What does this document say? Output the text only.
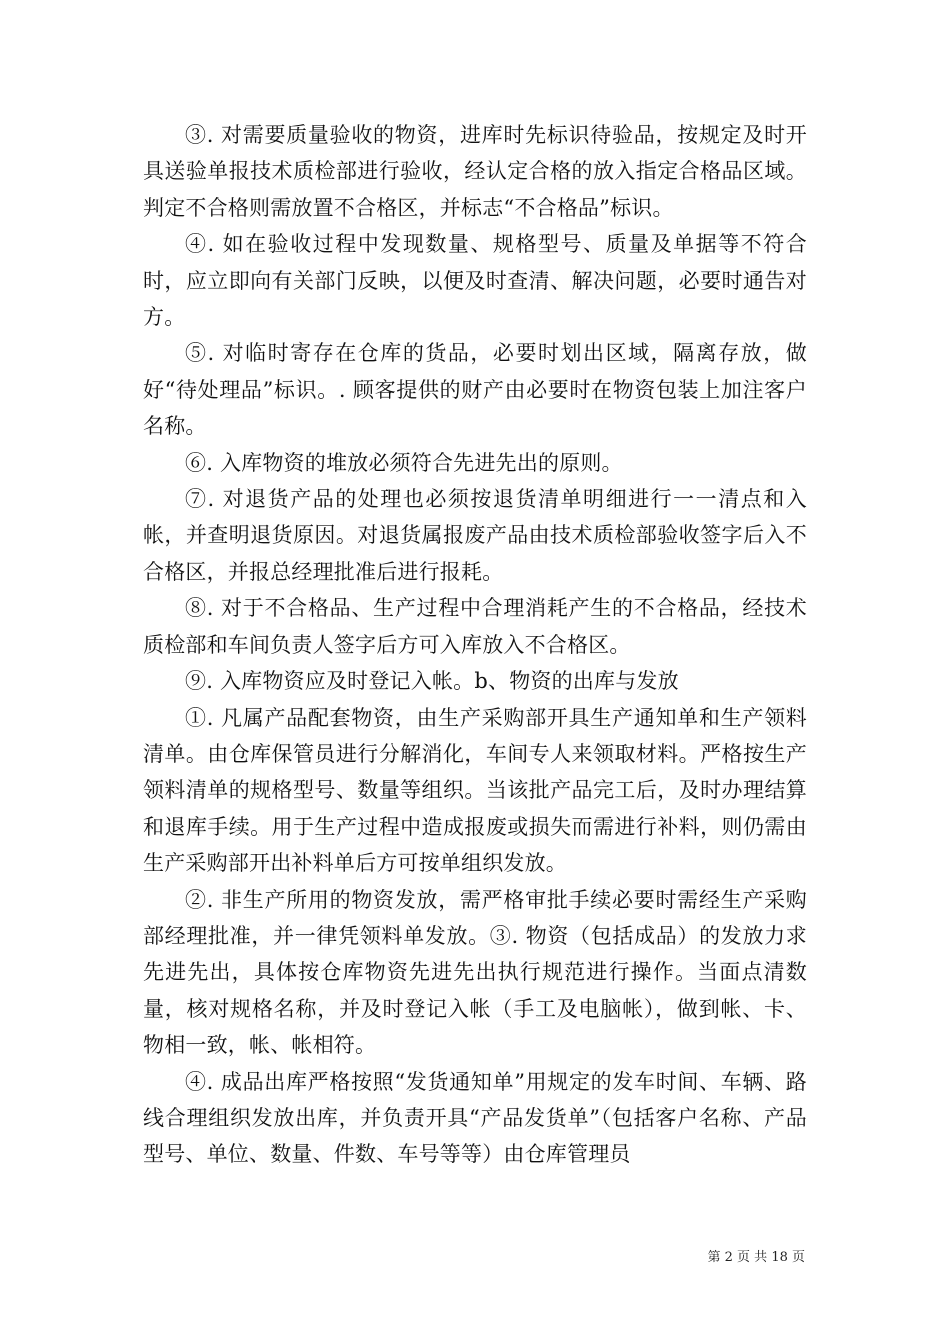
③. 对需要质量验收的物资，进库时先标识待验品，按规定及时开具送验单报技术质检部进行验收，经认定合格的放入指定合格品区域。判定不合格则需放置不合格区，并标志“不合格品”标识。

④. 如在验收过程中发现数量、规格型号、质量及单据等不符合时，应立即向有关部门反映，以便及时查清、解决问题，必要时通告对方。

⑤. 对临时寄存在仓库的货品，必要时划出区域，隔离存放，做好“待处理品”标识。. 顾客提供的财产由必要时在物资包装上加注客户名称。

⑥. 入库物资的堆放必须符合先进先出的原则。

⑦. 对退货产品的处理也必须按退货清单明细进行一一清点和入帐，并查明退货原因。对退货属报废产品由技术质检部验收签字后入不合格区，并报总经理批准后进行报耗。

⑧. 对于不合格品、生产过程中合理消耗产生的不合格品，经技术质检部和车间负责人签字后方可入库放入不合格区。

⑨. 入库物资应及时登记入帐。b、物资的出库与发放

①. 凡属产品配套物资，由生产采购部开具生产通知单和生产领料清单。由仓库保管员进行分解消化，车间专人来领取材料。严格按生产领料清单的规格型号、数量等组织。当该批产品完工后，及时办理结算和退库手续。用于生产过程中造成报废或损失而需进行补料，则仍需由生产采购部开出补料单后方可按单组织发放。

②. 非生产所用的物资发放，需严格审批手续必要时需经生产采购部经理批准，并一律凭领料单发放。③. 物资（包括成品）的发放力求先进先出，具体按仓库物资先进先出执行规范进行操作。当面点清数量，核对规格名称，并及时登记入帐（手工及电脑帐），做到帐、卡、物相一致，帐、帐相符。

④. 成品出库严格按照“发货通知单”用规定的发车时间、车辆、路线合理组织发放出库，并负责开具“产品发货单”（包括客户名称、产品型号、单位、数量、件数、车号等等）由仓库管理员

第 2 页 共 18 页
